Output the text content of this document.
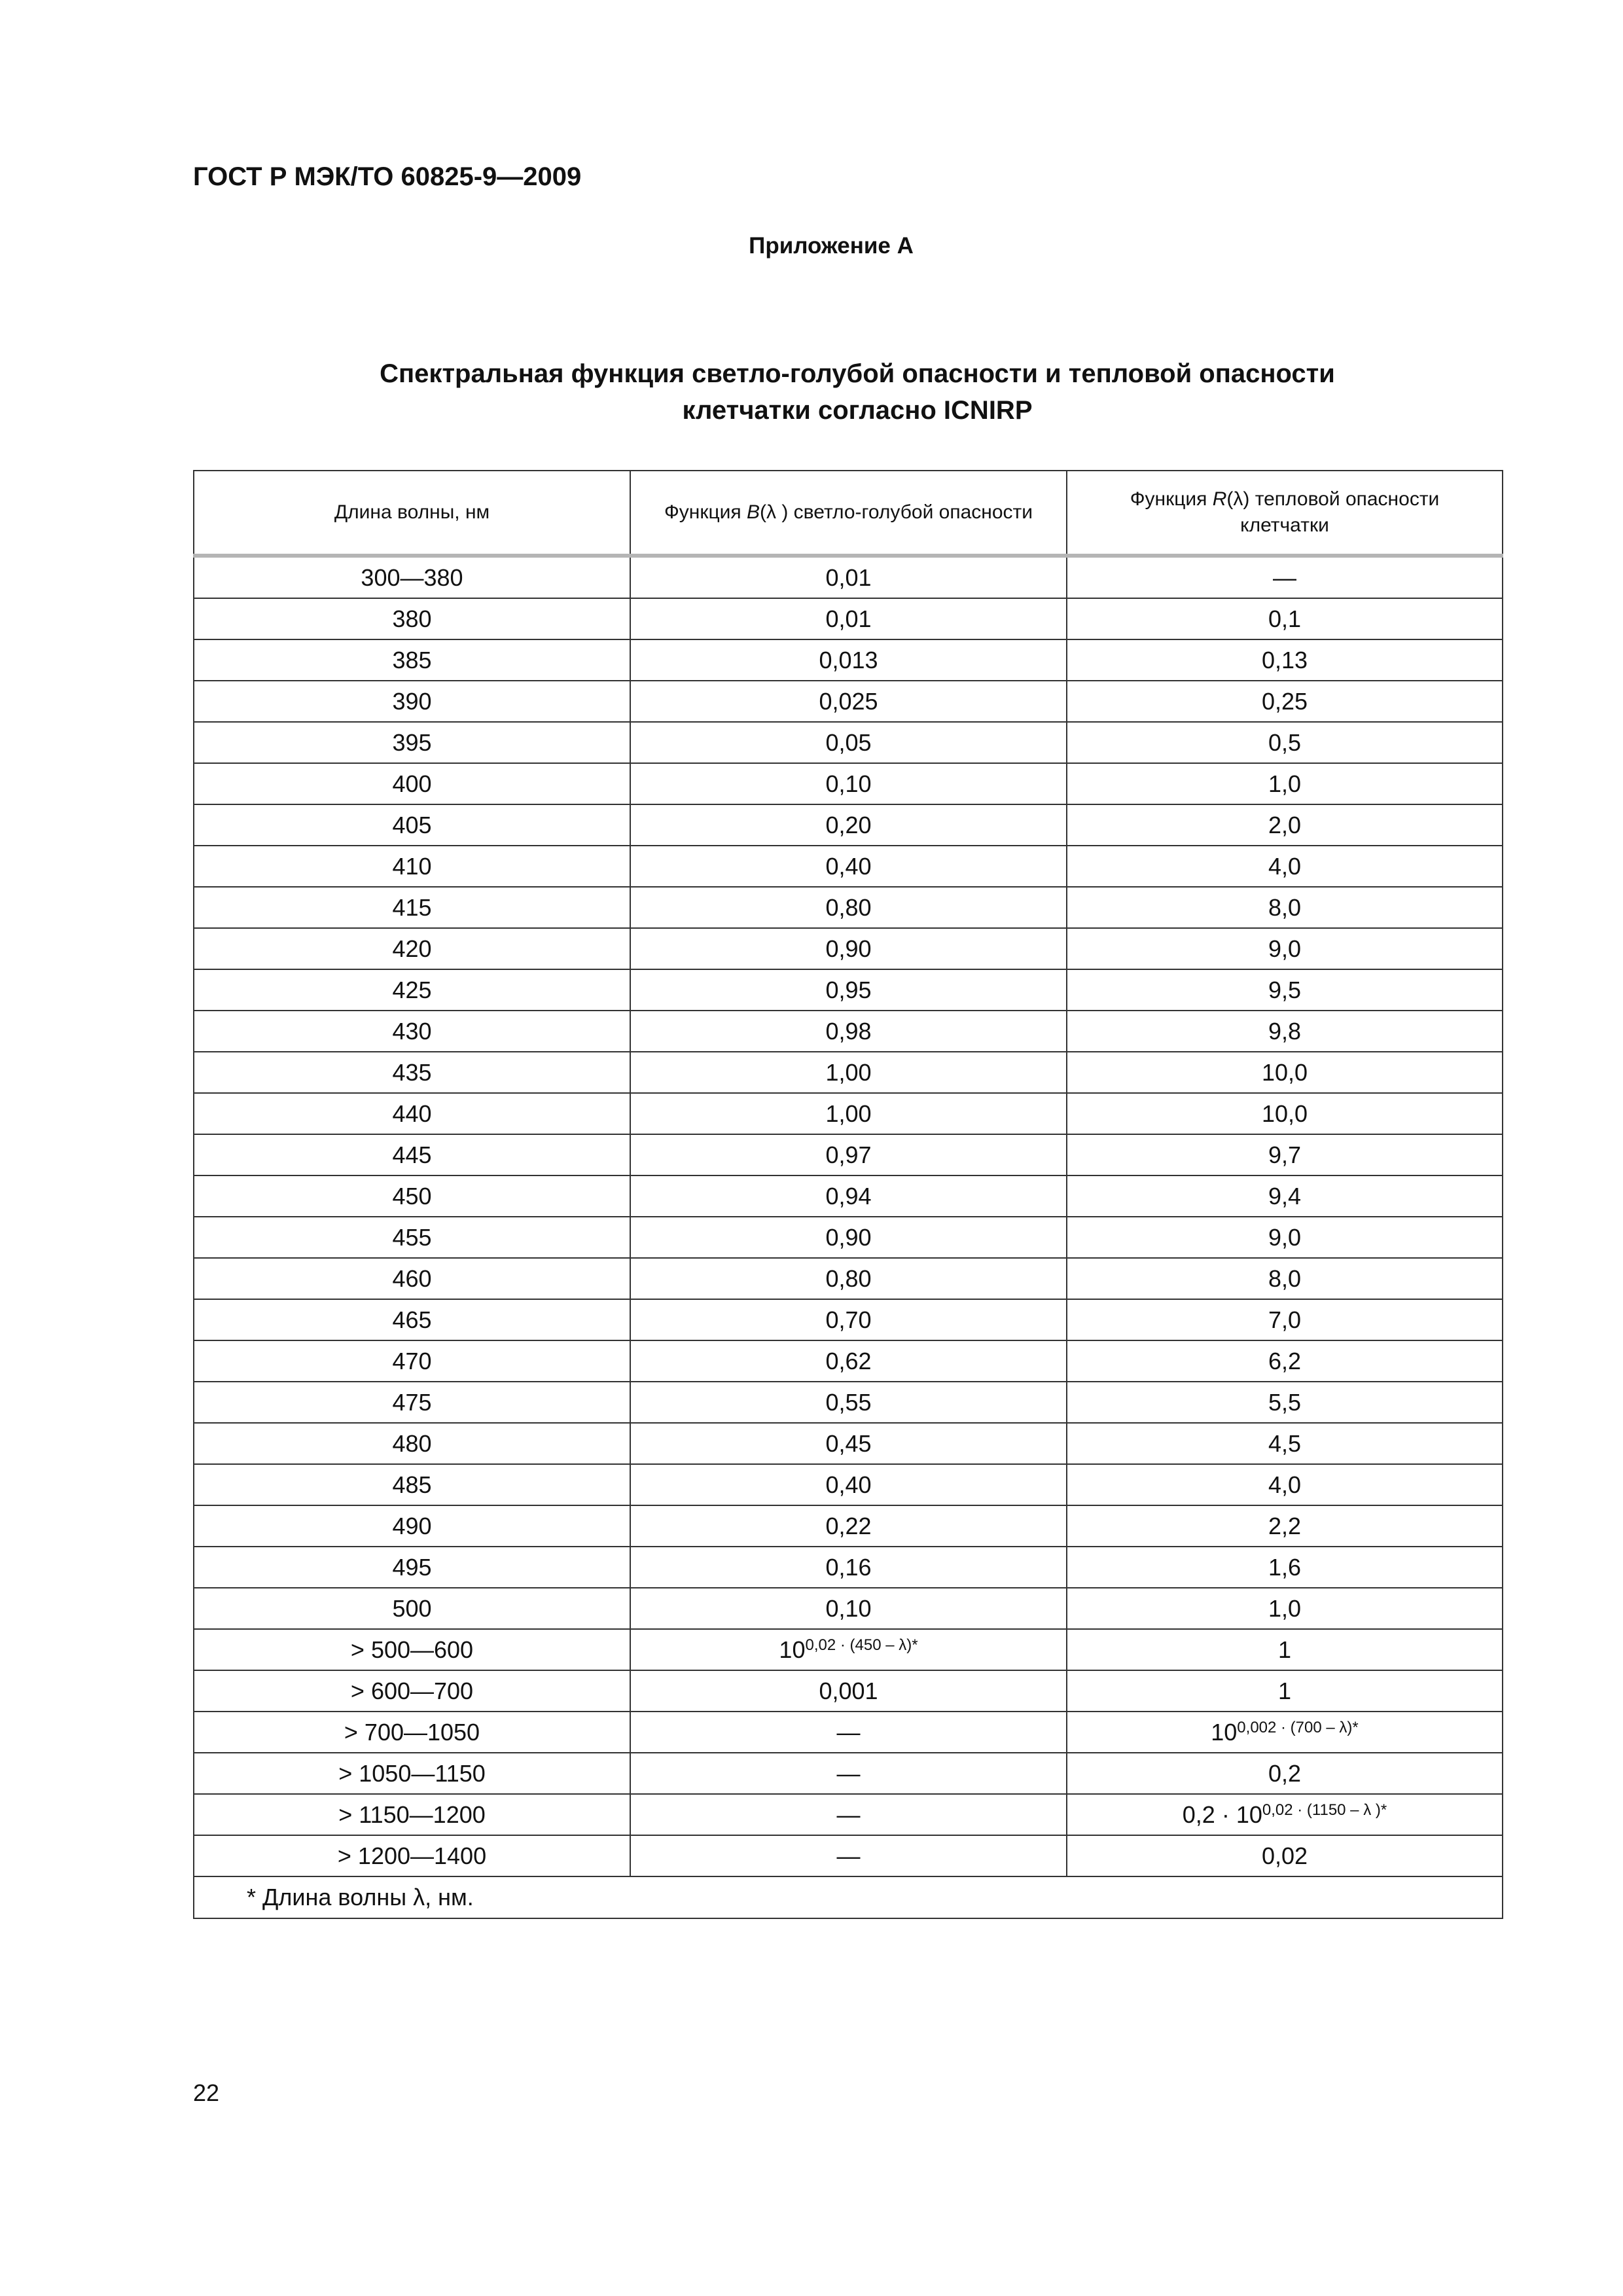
ГОСТ Р МЭК/ТО 60825-9—2009
Приложение А
Спектральная функция светло-голубой опасности и тепловой опасности
клетчатки согласно ICNIRP
Длина волны, нм	Функция B(λ ) светло-голубой опасности	Функция R(λ) тепловой опасности клетчатки
300—380	0,01	—
380	0,01	0,1
385	0,013	0,13
390	0,025	0,25
395	0,05	0,5
400	0,10	1,0
405	0,20	2,0
410	0,40	4,0
415	0,80	8,0
420	0,90	9,0
425	0,95	9,5
430	0,98	9,8
435	1,00	10,0
440	1,00	10,0
445	0,97	9,7
450	0,94	9,4
455	0,90	9,0
460	0,80	8,0
465	0,70	7,0
470	0,62	6,2
475	0,55	5,5
480	0,45	4,5
485	0,40	4,0
490	0,22	2,2
495	0,16	1,6
500	0,10	1,0
> 500—600	$10^{0,02 \cdot (450 - \lambda)*}$	1
> 600—700	0,001	1
> 700—1050	—	$10^{0,002 \cdot (700 - \lambda)*}$
> 1050—1150	—	0,2
> 1150—1200	—	$0,2 \cdot 10^{0,02 \cdot (1150 - \lambda )*}$
> 1200—1400	—	0,02
* Длина волны λ, нм.		
22
